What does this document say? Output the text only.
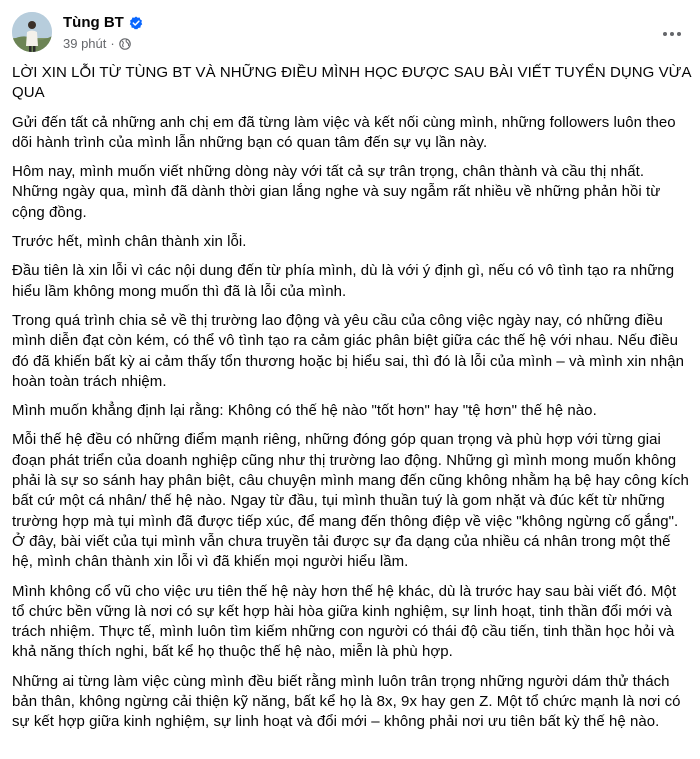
Tùng BT
39 phút ·

LỜI XIN LỖI TỪ TÙNG BT VÀ NHỮNG ĐIỀU MÌNH HỌC ĐƯỢC SAU BÀI VIẾT TUYỂN DỤNG VỪA QUA

Gửi đến tất cả những anh chị em đã từng làm việc và kết nối cùng mình, những followers luôn theo dõi hành trình của mình lẫn những bạn có quan tâm đến sự vụ lần này.

Hôm nay, mình muốn viết những dòng này với tất cả sự trân trọng, chân thành và cầu thị nhất. Những ngày qua, mình đã dành thời gian lắng nghe và suy ngẫm rất nhiều về những phản hồi từ cộng đồng.

Trước hết, mình chân thành xin lỗi.

Đầu tiên là xin lỗi vì các nội dung đến từ phía mình, dù là với ý định gì, nếu có vô tình tạo ra những hiểu lầm không mong muốn thì đã là lỗi của mình.

Trong quá trình chia sẻ về thị trường lao động và yêu cầu của công việc ngày nay, có những điều mình diễn đạt còn kém, có thể vô tình tạo ra cảm giác phân biệt giữa các thế hệ với nhau. Nếu điều đó đã khiến bất kỳ ai cảm thấy tổn thương hoặc bị hiểu sai, thì đó là lỗi của mình – và mình xin nhận hoàn toàn trách nhiệm.

Mình muốn khẳng định lại rằng: Không có thế hệ nào "tốt hơn" hay "tệ hơn" thế hệ nào.

Mỗi thế hệ đều có những điểm mạnh riêng, những đóng góp quan trọng và phù hợp với từng giai đoạn phát triển của doanh nghiệp cũng như thị trường lao động. Những gì mình mong muốn không phải là sự so sánh hay phân biệt, câu chuyện mình mang đến cũng không nhằm hạ bệ hay công kích bất cứ một cá nhân/ thế hệ nào. Ngay từ đầu, tụi mình thuần tuý là gom nhặt và đúc kết từ những trường hợp mà tụi mình đã được tiếp xúc, để mang đến thông điệp về việc "không ngừng cố gắng". Ở đây, bài viết của tụi mình vẫn chưa truyền tải được sự đa dạng của nhiều cá nhân trong một thế hệ, mình chân thành xin lỗi vì đã khiến mọi người hiểu lầm.

Mình không cổ vũ cho việc ưu tiên thế hệ này hơn thế hệ khác, dù là trước hay sau bài viết đó. Một tổ chức bền vững là nơi có sự kết hợp hài hòa giữa kinh nghiệm, sự linh hoạt, tinh thần đổi mới và trách nhiệm. Thực tế, mình luôn tìm kiếm những con người có thái độ cầu tiến, tinh thần học hỏi và khả năng thích nghi, bất kể họ thuộc thế hệ nào, miễn là phù hợp.

Những ai từng làm việc cùng mình đều biết rằng mình luôn trân trọng những người dám thử thách bản thân, không ngừng cải thiện kỹ năng, bất kể họ là 8x, 9x hay gen Z. Một tổ chức mạnh là nơi có sự kết hợp giữa kinh nghiệm, sự linh hoạt và đổi mới – không phải nơi ưu tiên bất kỳ thế hệ nào.
